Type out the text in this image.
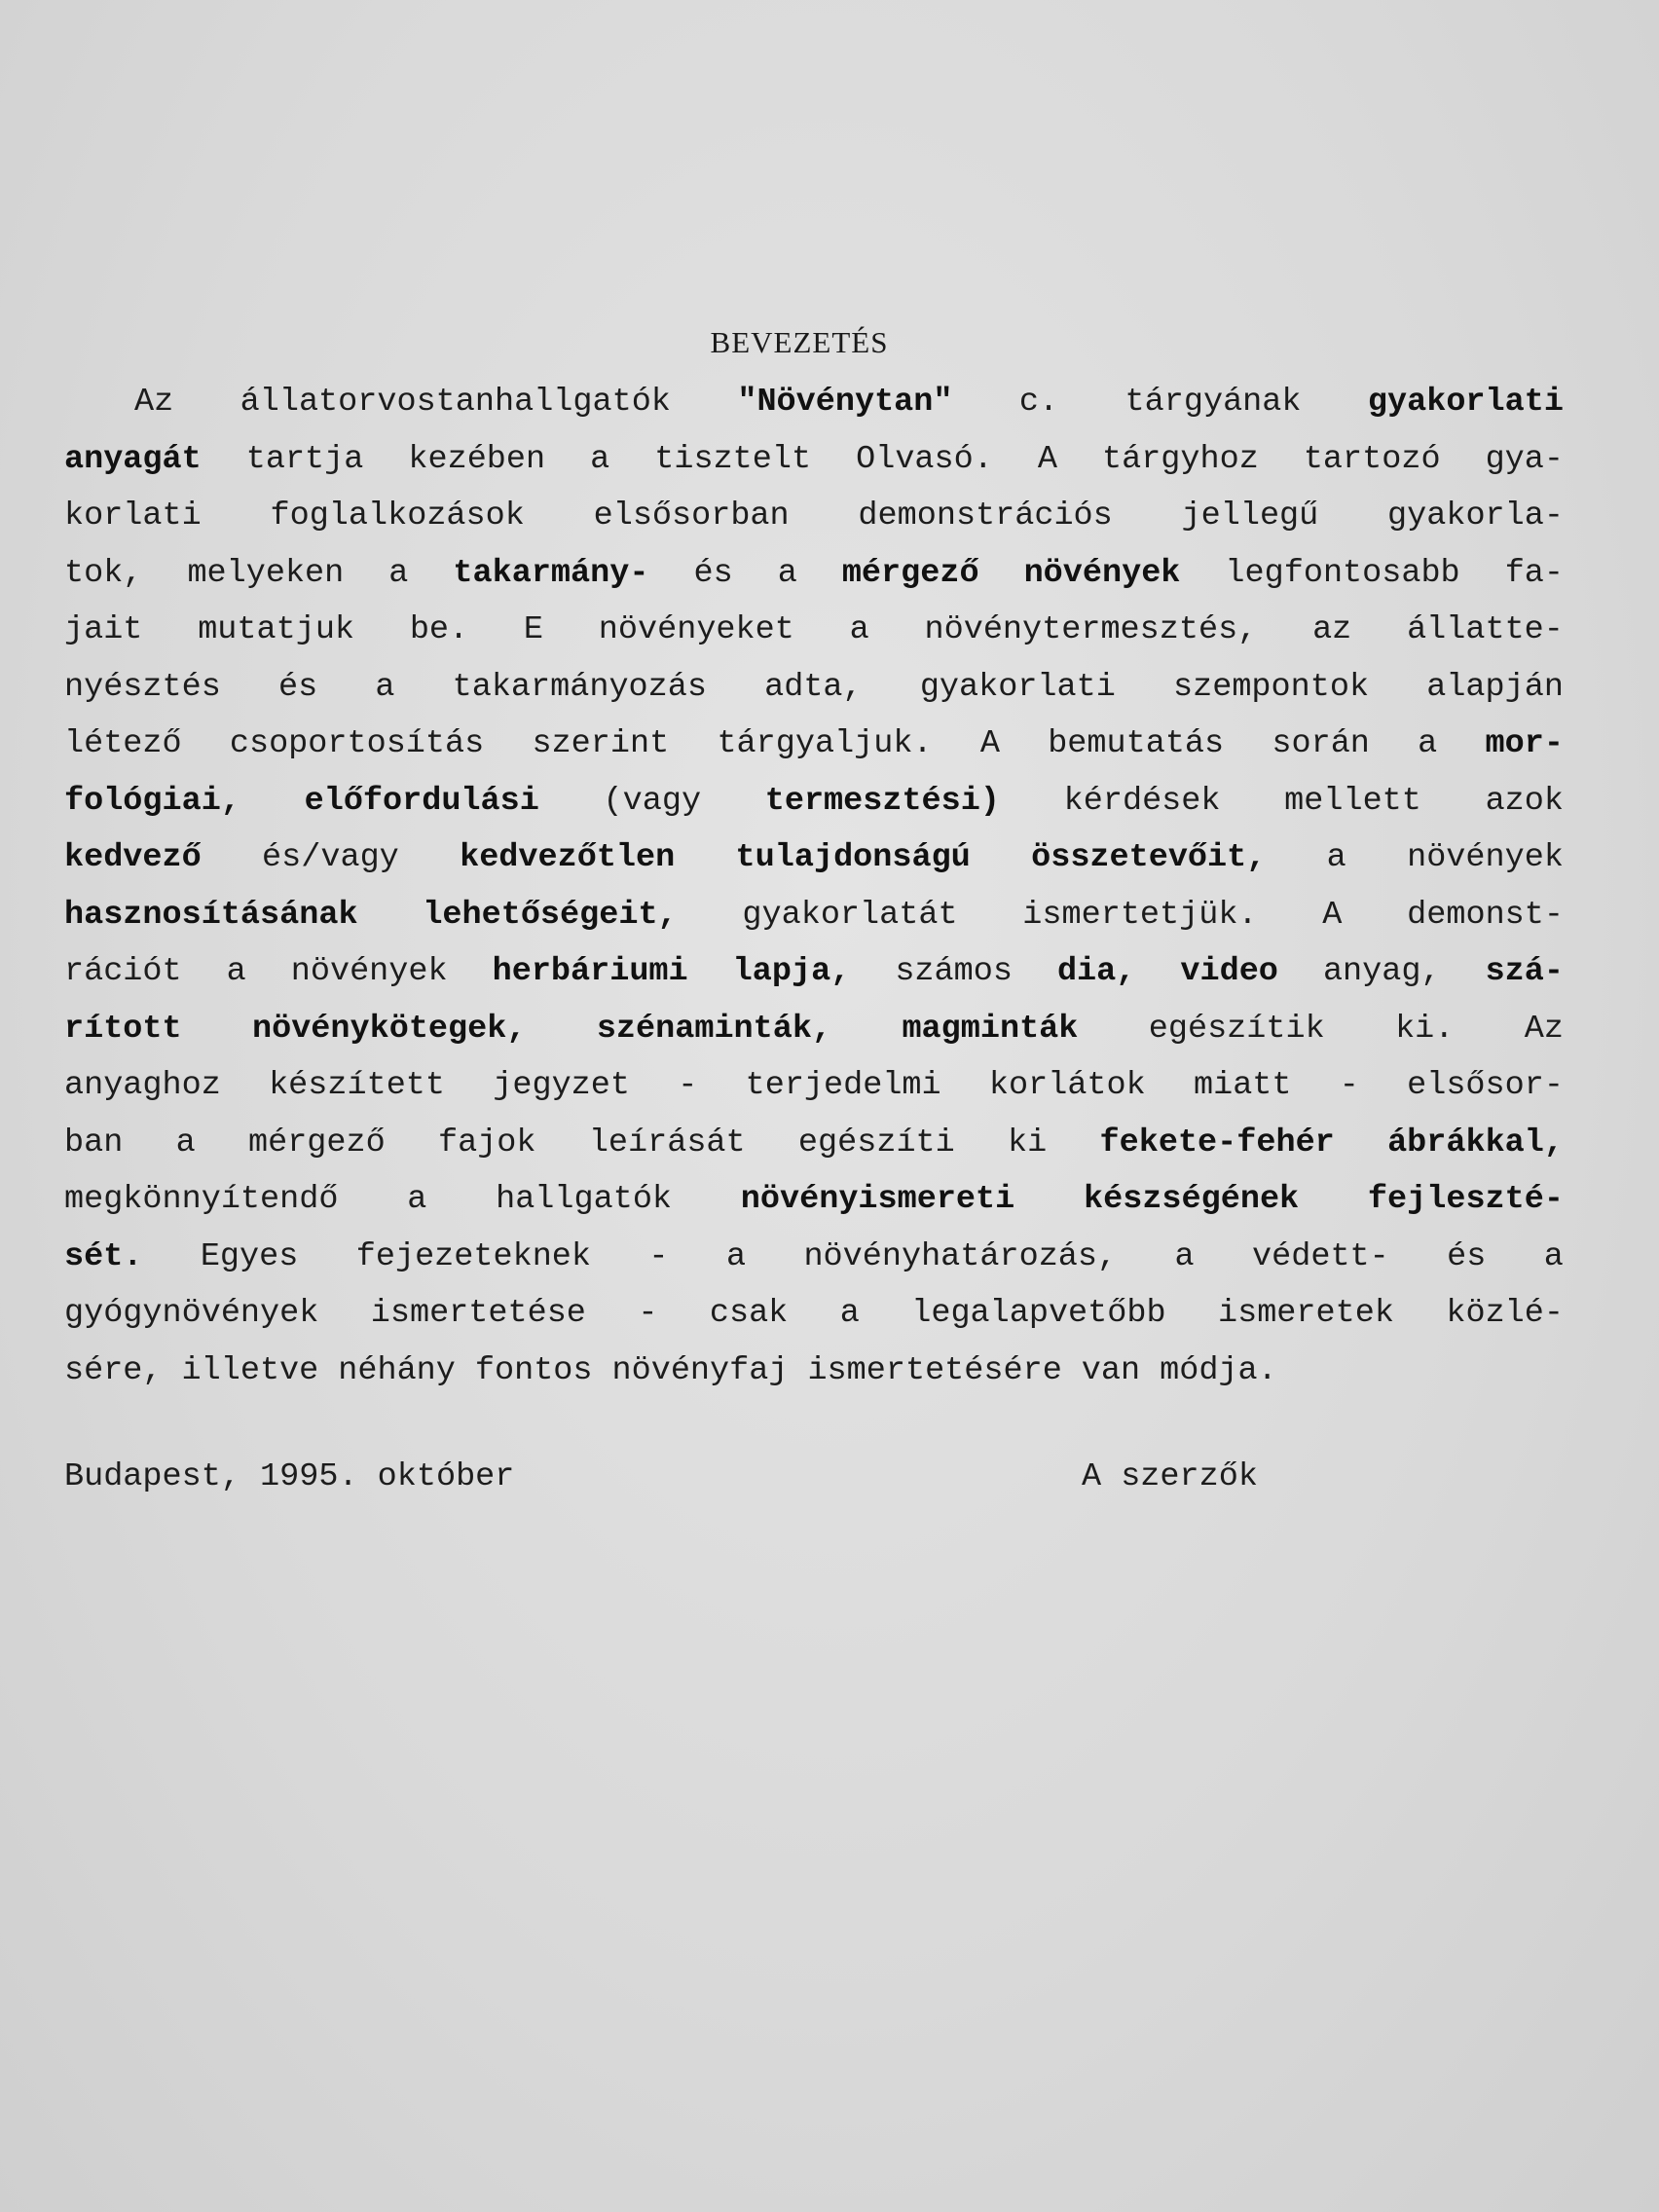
BEVEZETÉS
Az állatorvostanhallgatók "Növénytan" c. tárgyának gyakorlati
anyagát tartja kezében a tisztelt Olvasó. A tárgyhoz tartozó gya-
korlati foglalkozások elsősorban demonstrációs jellegű gyakorla-
tok, melyeken a takarmány- és a mérgező növények legfontosabb fa-
jait mutatjuk be. E növényeket a növénytermesztés, az állatte-
nyésztés és a takarmányozás adta, gyakorlati szempontok alapján
létező csoportosítás szerint tárgyaljuk. A bemutatás során a mor-
fológiai, előfordulási (vagy termesztési) kérdések mellett azok
kedvező és/vagy kedvezőtlen tulajdonságú összetevőit, a növények
hasznosításának lehetőségeit, gyakorlatát ismertetjük. A demonst-
rációt a növények herbáriumi lapja, számos dia, video anyag, szá-
rított növénykötegek, szénaminták, magminták egészítik ki. Az
anyaghoz készített jegyzet - terjedelmi korlátok miatt - elsősor-
ban a mérgező fajok leírását egészíti ki fekete-fehér ábrákkal,
megkönnyítendő a hallgatók növényismereti készségének fejleszté-
sét. Egyes fejezeteknek - a növényhatározás, a védett- és a
gyógynövények ismertetése - csak a legalapvetőbb ismeretek közlé-
sére, illetve néhány fontos növényfaj ismertetésére van módja.
Budapest, 1995. október	A szerzők
